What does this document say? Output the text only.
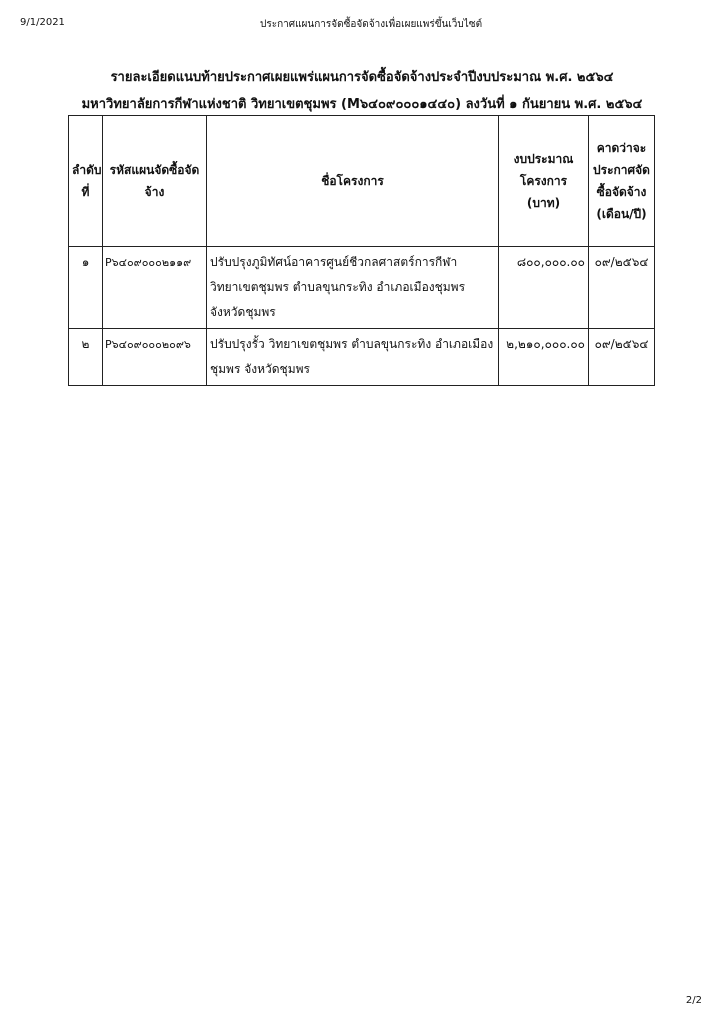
9/1/2021	ประกาศแผนการจัดซื้อจัดจ้างเพื่อเผยแพร่ขึ้นเว็บไซต์
รายละเอียดแนบท้ายประกาศเผยแพร่แผนการจัดซื้อจัดจ้างประจำปีงบประมาณ พ.ศ. ๒๕๖๔
มหาวิทยาลัยการกีฬาแห่งชาติ วิทยาเขตชุมพร (M๖๔๐๙๐๐๐๑๔๔๐) ลงวันที่ ๑ กันยายน พ.ศ. ๒๕๖๔
ลำดับที่	รหัสแผนจัดซื้อจัดจ้าง	ชื่อโครงการ	งบประมาณโครงการ (บาท)	คาดว่าจะประกาศจัดซื้อจัดจ้าง (เดือน/ปี)
๑	P๖๔๐๙๐๐๐๒๑๑๙	ปรับปรุงภูมิทัศน์อาคารศูนย์ชีวกลศาสตร์การกีฬา วิทยาเขตชุมพร ตำบลขุนกระทิง อำเภอเมืองชุมพร จังหวัดชุมพร	๘๐๐,๐๐๐.๐๐	๐๙/๒๕๖๔
๒	P๖๔๐๙๐๐๐๒๐๙๖	ปรับปรุงรั้ว วิทยาเขตชุมพร ตำบลขุนกระทิง อำเภอเมืองชุมพร จังหวัดชุมพร	๒,๒๑๐,๐๐๐.๐๐	๐๙/๒๕๖๔
2/2
